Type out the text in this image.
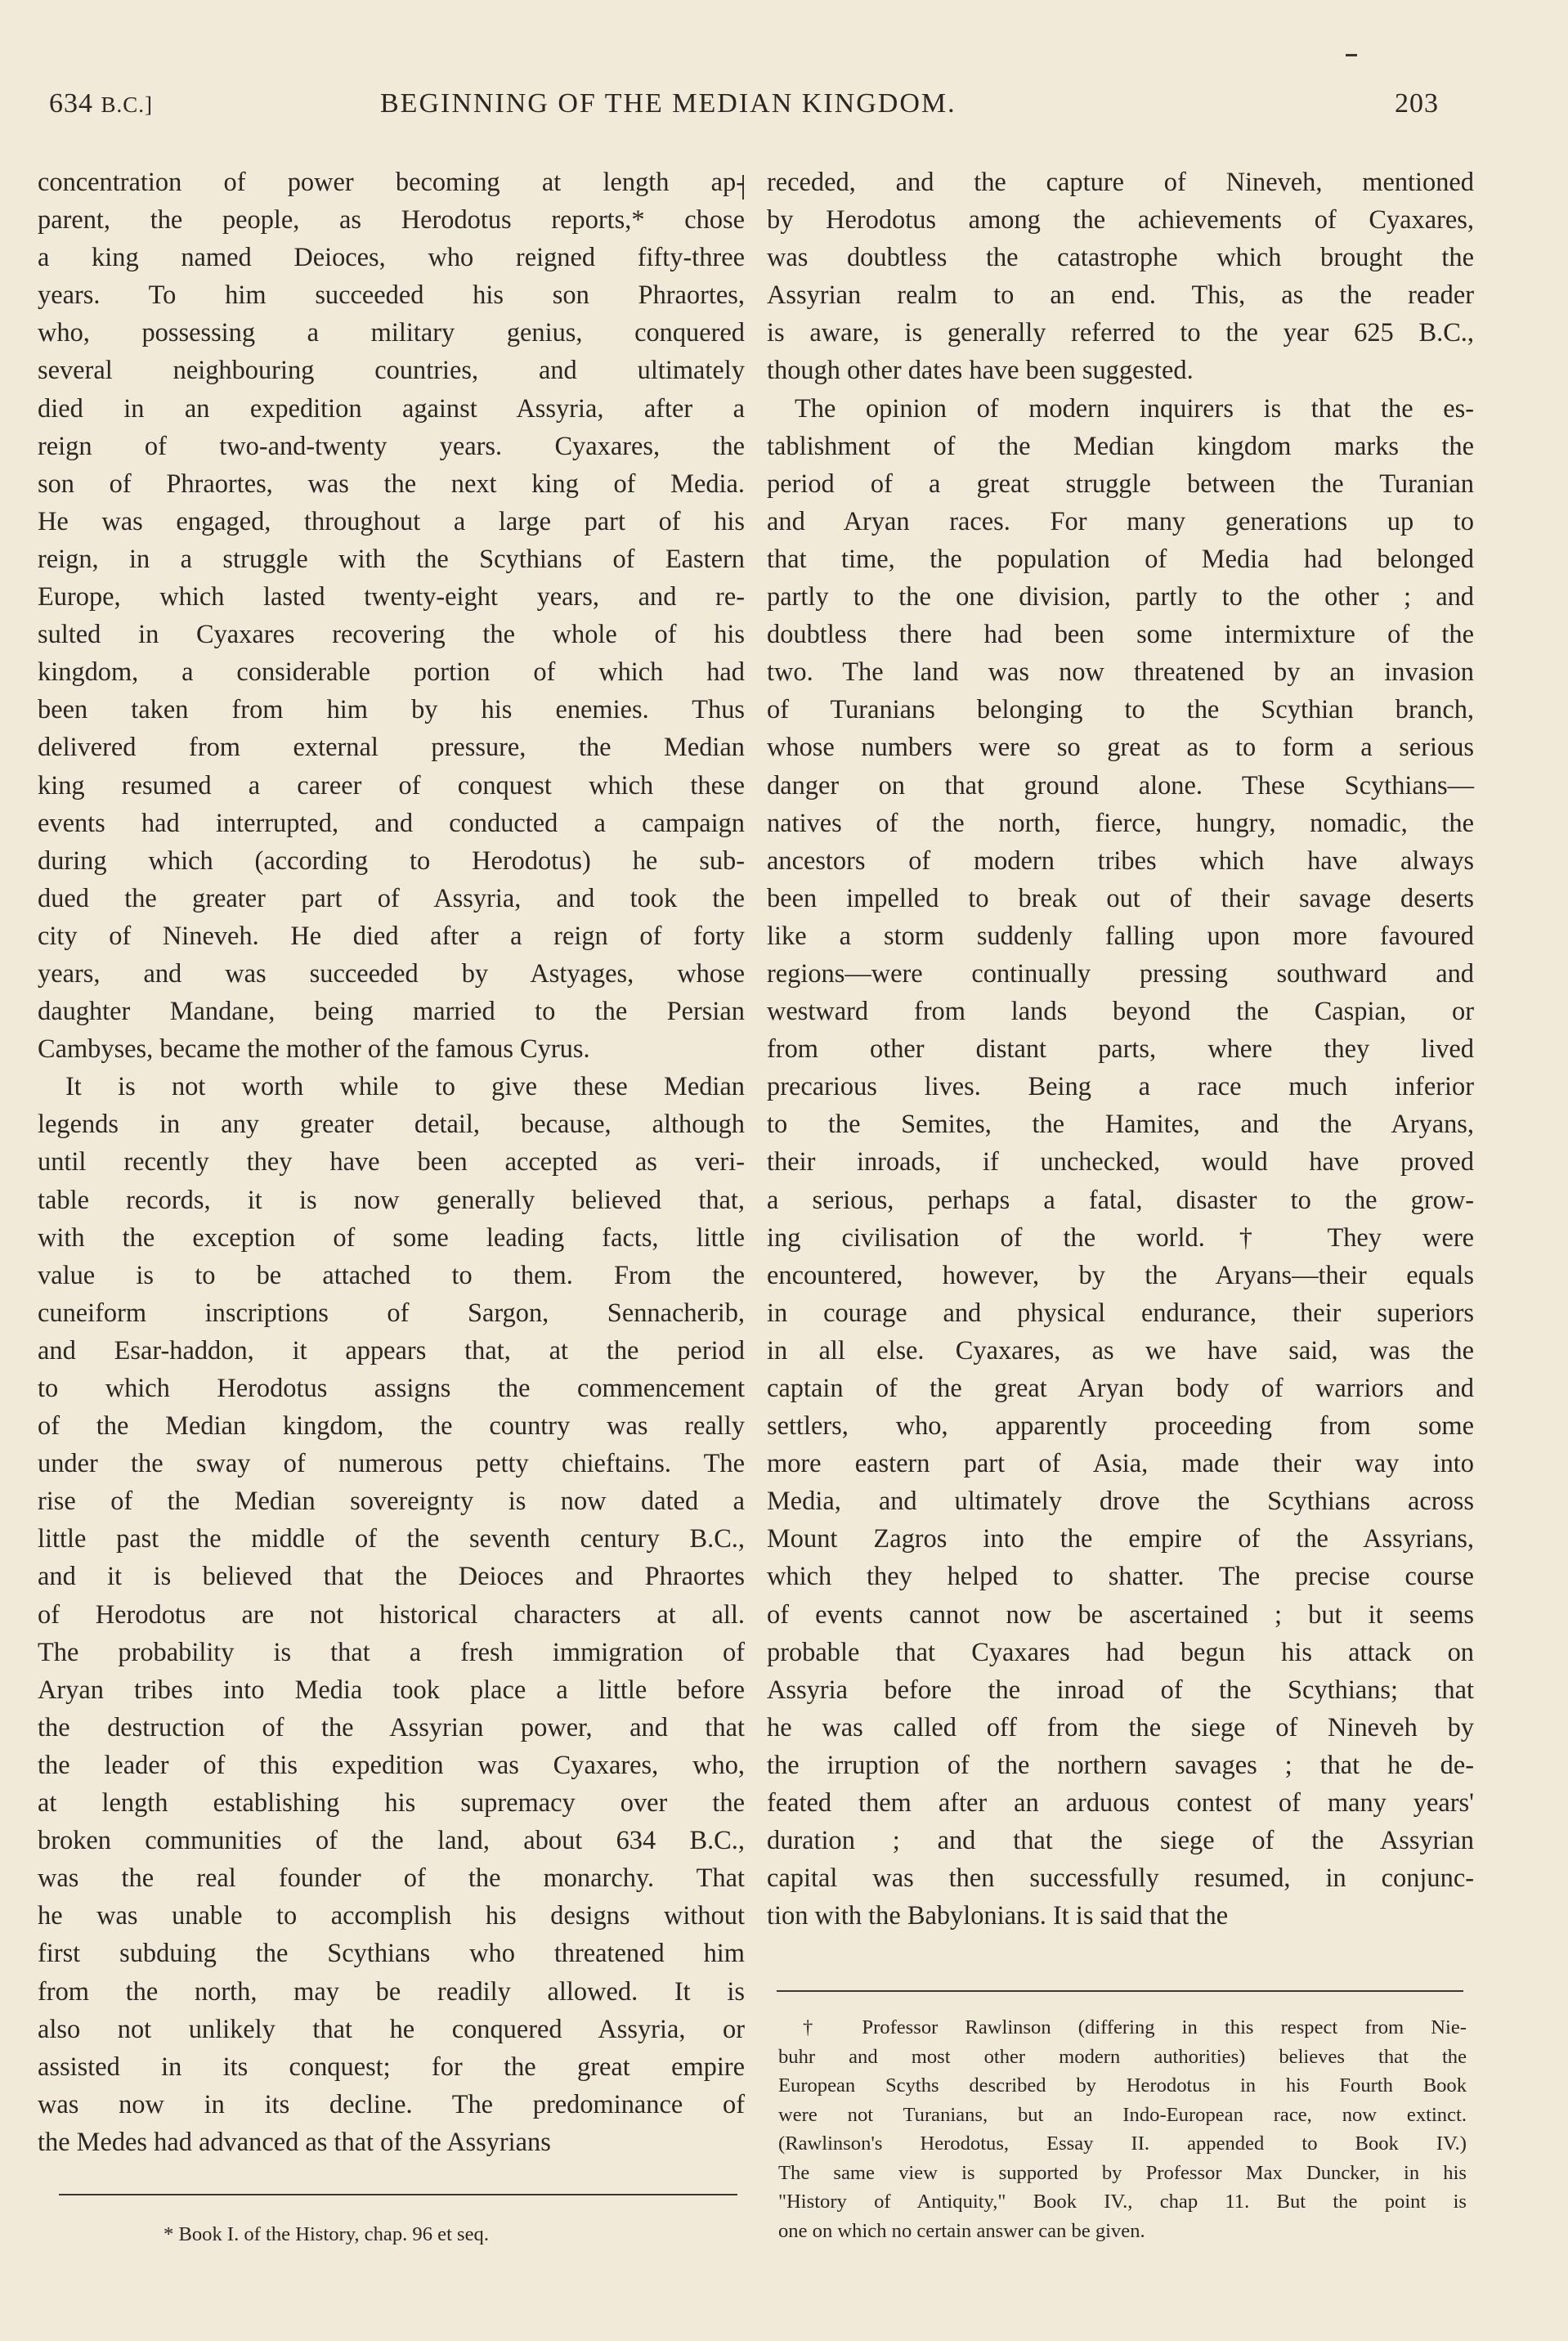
634 B.C.]	BEGINNING OF THE MEDIAN KINGDOM.	203
concentration of power becoming at length ap-
parent, the people, as Herodotus reports,* chose
a king named Deioces, who reigned fifty-three
years. To him succeeded his son Phraortes,
who, possessing a military genius, conquered
several neighbouring countries, and ultimately
died in an expedition against Assyria, after a
reign of two-and-twenty years. Cyaxares, the
son of Phraortes, was the next king of Media.
He was engaged, throughout a large part of his
reign, in a struggle with the Scythians of Eastern
Europe, which lasted twenty-eight years, and re-
sulted in Cyaxares recovering the whole of his
kingdom, a considerable portion of which had
been taken from him by his enemies. Thus
delivered from external pressure, the Median
king resumed a career of conquest which these
events had interrupted, and conducted a campaign
during which (according to Herodotus) he sub-
dued the greater part of Assyria, and took the
city of Nineveh. He died after a reign of forty
years, and was succeeded by Astyages, whose
daughter Mandane, being married to the Persian
Cambyses, became the mother of the famous Cyrus.
It is not worth while to give these Median
legends in any greater detail, because, although
until recently they have been accepted as veri-
table records, it is now generally believed that,
with the exception of some leading facts, little
value is to be attached to them. From the
cuneiform inscriptions of Sargon, Sennacherib,
and Esar-haddon, it appears that, at the period
to which Herodotus assigns the commencement
of the Median kingdom, the country was really
under the sway of numerous petty chieftains. The
rise of the Median sovereignty is now dated a
little past the middle of the seventh century B.C.,
and it is believed that the Deioces and Phraortes
of Herodotus are not historical characters at all.
The probability is that a fresh immigration of
Aryan tribes into Media took place a little before
the destruction of the Assyrian power, and that
the leader of this expedition was Cyaxares, who,
at length establishing his supremacy over the
broken communities of the land, about 634 B.C.,
was the real founder of the monarchy. That
he was unable to accomplish his designs without
first subduing the Scythians who threatened him
from the north, may be readily allowed. It is
also not unlikely that he conquered Assyria, or
assisted in its conquest; for the great empire
was now in its decline. The predominance of
the Medes had advanced as that of the Assyrians
receded, and the capture of Nineveh, mentioned
by Herodotus among the achievements of Cyaxares,
was doubtless the catastrophe which brought the
Assyrian realm to an end. This, as the reader
is aware, is generally referred to the year 625 B.C.,
though other dates have been suggested.
The opinion of modern inquirers is that the es-
tablishment of the Median kingdom marks the
period of a great struggle between the Turanian
and Aryan races. For many generations up to
that time, the population of Media had belonged
partly to the one division, partly to the other ; and
doubtless there had been some intermixture of the
two. The land was now threatened by an invasion
of Turanians belonging to the Scythian branch,
whose numbers were so great as to form a serious
danger on that ground alone. These Scythians—
natives of the north, fierce, hungry, nomadic, the
ancestors of modern tribes which have always
been impelled to break out of their savage deserts
like a storm suddenly falling upon more favoured
regions—were continually pressing southward and
westward from lands beyond the Caspian, or
from other distant parts, where they lived
precarious lives. Being a race much inferior
to the Semites, the Hamites, and the Aryans,
their inroads, if unchecked, would have proved
a serious, perhaps a fatal, disaster to the grow-
ing civilisation of the world.† They were
encountered, however, by the Aryans—their equals
in courage and physical endurance, their superiors
in all else. Cyaxares, as we have said, was the
captain of the great Aryan body of warriors and
settlers, who, apparently proceeding from some
more eastern part of Asia, made their way into
Media, and ultimately drove the Scythians across
Mount Zagros into the empire of the Assyrians,
which they helped to shatter. The precise course
of events cannot now be ascertained ; but it seems
probable that Cyaxares had begun his attack on
Assyria before the inroad of the Scythians; that
he was called off from the siege of Nineveh by
the irruption of the northern savages ; that he de-
feated them after an arduous contest of many years'
duration ; and that the siege of the Assyrian
capital was then successfully resumed, in conjunc-
tion with the Babylonians. It is said that the
* Book I. of the History, chap. 96 et seq.
† Professor Rawlinson (differing in this respect from Nie-
buhr and most other modern authorities) believes that the
European Scyths described by Herodotus in his Fourth Book
were not Turanians, but an Indo-European race, now extinct.
(Rawlinson's Herodotus, Essay II. appended to Book IV.)
The same view is supported by Professor Max Duncker, in his
"History of Antiquity," Book IV., chap 11. But the point is
one on which no certain answer can be given.
